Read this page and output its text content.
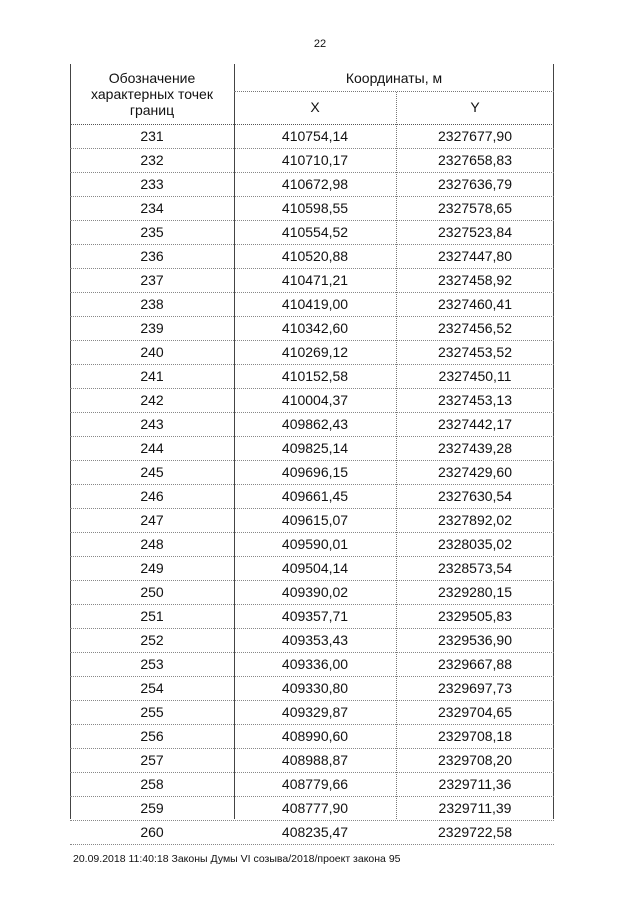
22
Обозначение характерных точек границ
Координаты, м
X	Y
231	410754,14	2327677,90
232	410710,17	2327658,83
233	410672,98	2327636,79
234	410598,55	2327578,65
235	410554,52	2327523,84
236	410520,88	2327447,80
237	410471,21	2327458,92
238	410419,00	2327460,41
239	410342,60	2327456,52
240	410269,12	2327453,52
241	410152,58	2327450,11
242	410004,37	2327453,13
243	409862,43	2327442,17
244	409825,14	2327439,28
245	409696,15	2327429,60
246	409661,45	2327630,54
247	409615,07	2327892,02
248	409590,01	2328035,02
249	409504,14	2328573,54
250	409390,02	2329280,15
251	409357,71	2329505,83
252	409353,43	2329536,90
253	409336,00	2329667,88
254	409330,80	2329697,73
255	409329,87	2329704,65
256	408990,60	2329708,18
257	408988,87	2329708,20
258	408779,66	2329711,36
259	408777,90	2329711,39
260	408235,47	2329722,58
20.09.2018 11:40:18 Законы Думы VI созыва/2018/проект закона 95
